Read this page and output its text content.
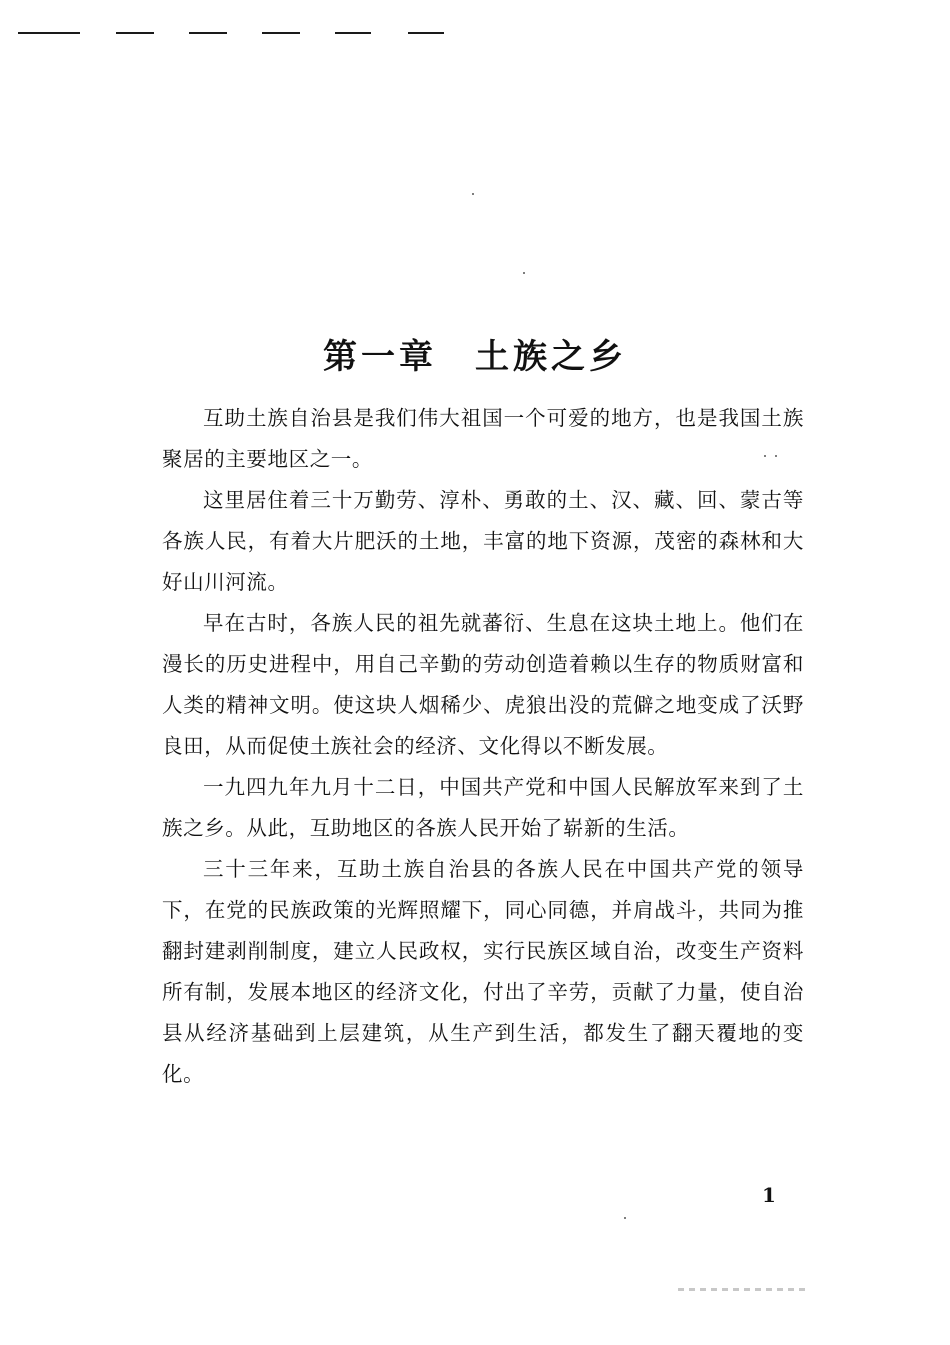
第一章　土族之乡

互助土族自治县是我们伟大祖国一个可爱的地方，也是我国土族聚居的主要地区之一。

这里居住着三十万勤劳、淳朴、勇敢的土、汉、藏、回、蒙古等各族人民，有着大片肥沃的土地，丰富的地下资源，茂密的森林和大好山川河流。

早在古时，各族人民的祖先就蕃衍、生息在这块土地上。他们在漫长的历史进程中，用自己辛勤的劳动创造着赖以生存的物质财富和人类的精神文明。使这块人烟稀少、虎狼出没的荒僻之地变成了沃野良田，从而促使土族社会的经济、文化得以不断发展。

一九四九年九月十二日，中国共产党和中国人民解放军来到了土族之乡。从此，互助地区的各族人民开始了崭新的生活。

三十三年来，互助土族自治县的各族人民在中国共产党的领导下，在党的民族政策的光辉照耀下，同心同德，并肩战斗，共同为推翻封建剥削制度，建立人民政权，实行民族区域自治，改变生产资料所有制，发展本地区的经济文化，付出了辛劳，贡献了力量，使自治县从经济基础到上层建筑，从生产到生活，都发生了翻天覆地的变化。

1
